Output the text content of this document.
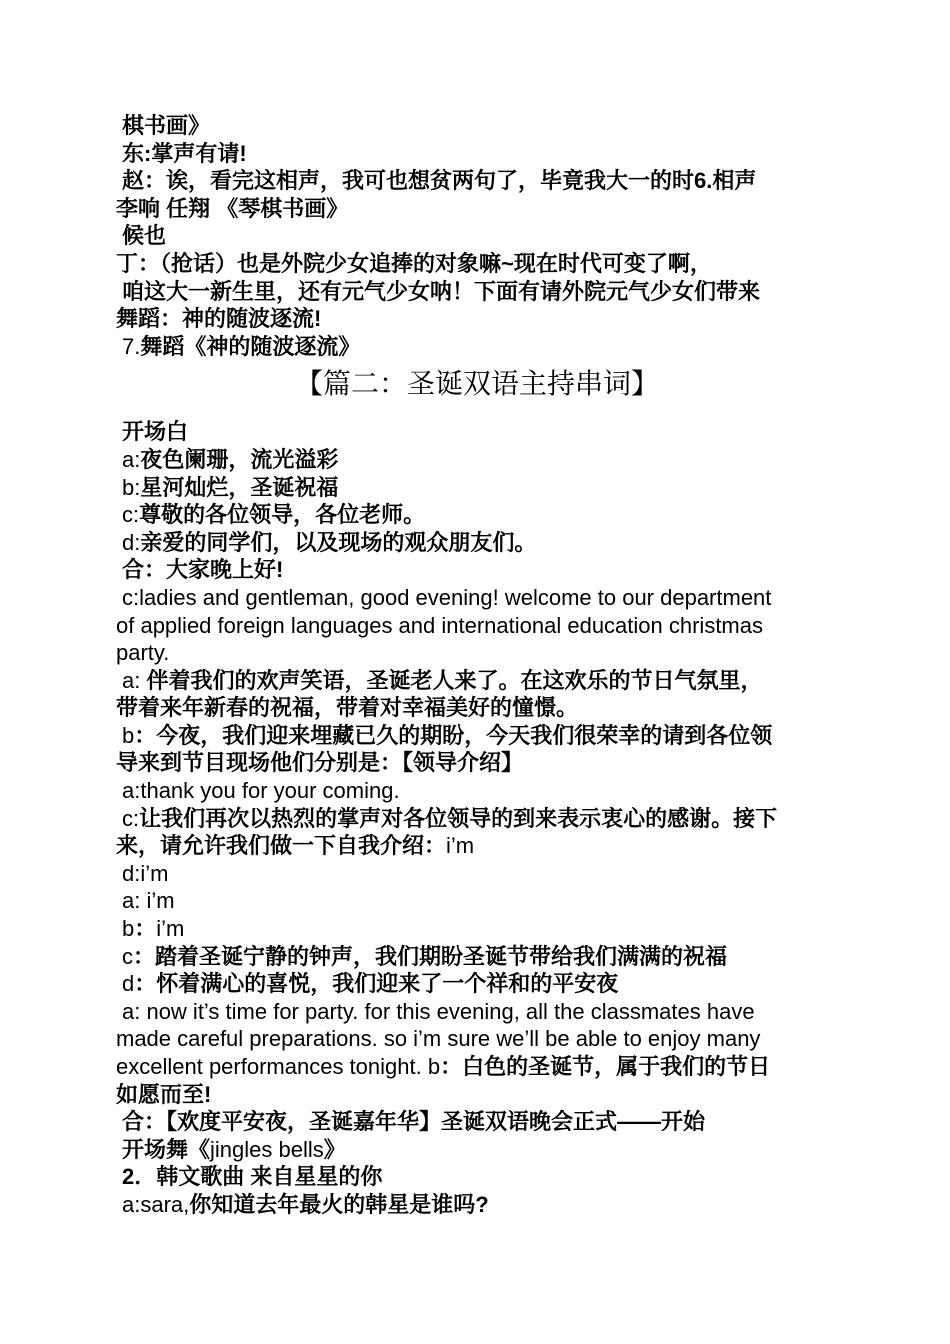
棋书画》
东:掌声有请!
赵：诶，看完这相声，我可也想贫两句了，毕竟我大一的时6.相声
李响 任翔 《琴棋书画》
候也
丁：（抢话）也是外院少女追捧的对象嘛~现在时代可变了啊，
咱这大一新生里，还有元气少女呐！下面有请外院元气少女们带来
舞蹈：神的随波逐流!
7.舞蹈《神的随波逐流》
【篇二：圣诞双语主持串词】
开场白
a:夜色阑珊，流光溢彩
b:星河灿烂，圣诞祝福
c:尊敬的各位领导，各位老师。
d:亲爱的同学们，以及现场的观众朋友们。
合：大家晚上好!
c:ladies and gentleman, good evening! welcome to our department
of applied foreign languages and international education christmas
party.
a: 伴着我们的欢声笑语，圣诞老人来了。在这欢乐的节日气氛里，
带着来年新春的祝福，带着对幸福美好的憧憬。
b：今夜，我们迎来埋藏已久的期盼，今天我们很荣幸的请到各位领
导来到节目现场他们分别是：【领导介绍】
a:thank you for your coming.
c:让我们再次以热烈的掌声对各位领导的到来表示衷心的感谢。接下
来，请允许我们做一下自我介绍：i’m
d:i’m
a: i’m
b：i’m
c：踏着圣诞宁静的钟声，我们期盼圣诞节带给我们满满的祝福
d：怀着满心的喜悦，我们迎来了一个祥和的平安夜
a: now it’s time for party. for this evening, all the classmates have
made careful preparations. so i’m sure we’ll be able to enjoy many
excellent performances tonight. b：白色的圣诞节，属于我们的节日
如愿而至!
合：【欢度平安夜，圣诞嘉年华】圣诞双语晚会正式——开始
开场舞《jingles bells》
2．韩文歌曲 来自星星的你
a:sara,你知道去年最火的韩星是谁吗?
